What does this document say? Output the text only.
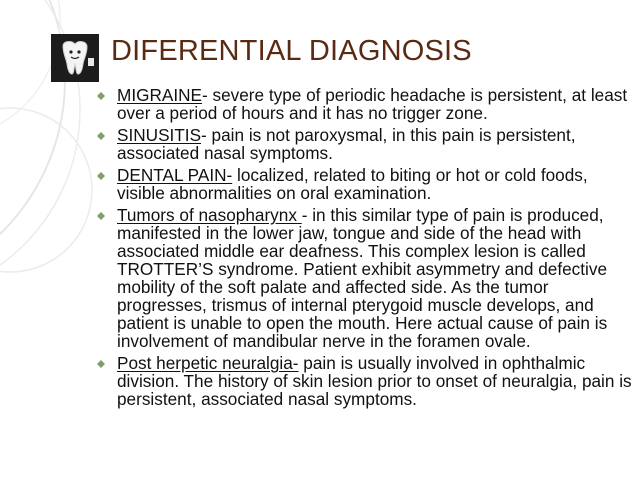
DIFERENTIAL DIAGNOSIS
MIGRAINE- severe type of periodic headache is persistent, at least over a period of hours and it has no trigger zone.
SINUSITIS- pain is not paroxysmal, in this pain is persistent, associated nasal symptoms.
DENTAL PAIN- localized, related to biting or hot or cold foods, visible abnormalities on oral examination.
Tumors of nasopharynx - in this similar type of pain is produced, manifested in the lower jaw, tongue and side of the head with associated middle ear deafness. This complex lesion is called TROTTER’S syndrome. Patient exhibit asymmetry and defective mobility of the soft palate and affected side. As the tumor progresses, trismus of internal pterygoid muscle develops, and patient is unable to open the mouth. Here actual cause of pain is involvement of mandibular nerve in the foramen ovale.
Post herpetic neuralgia- pain is usually involved in ophthalmic division. The history of skin lesion prior to onset of neuralgia, pain is persistent, associated nasal symptoms.
